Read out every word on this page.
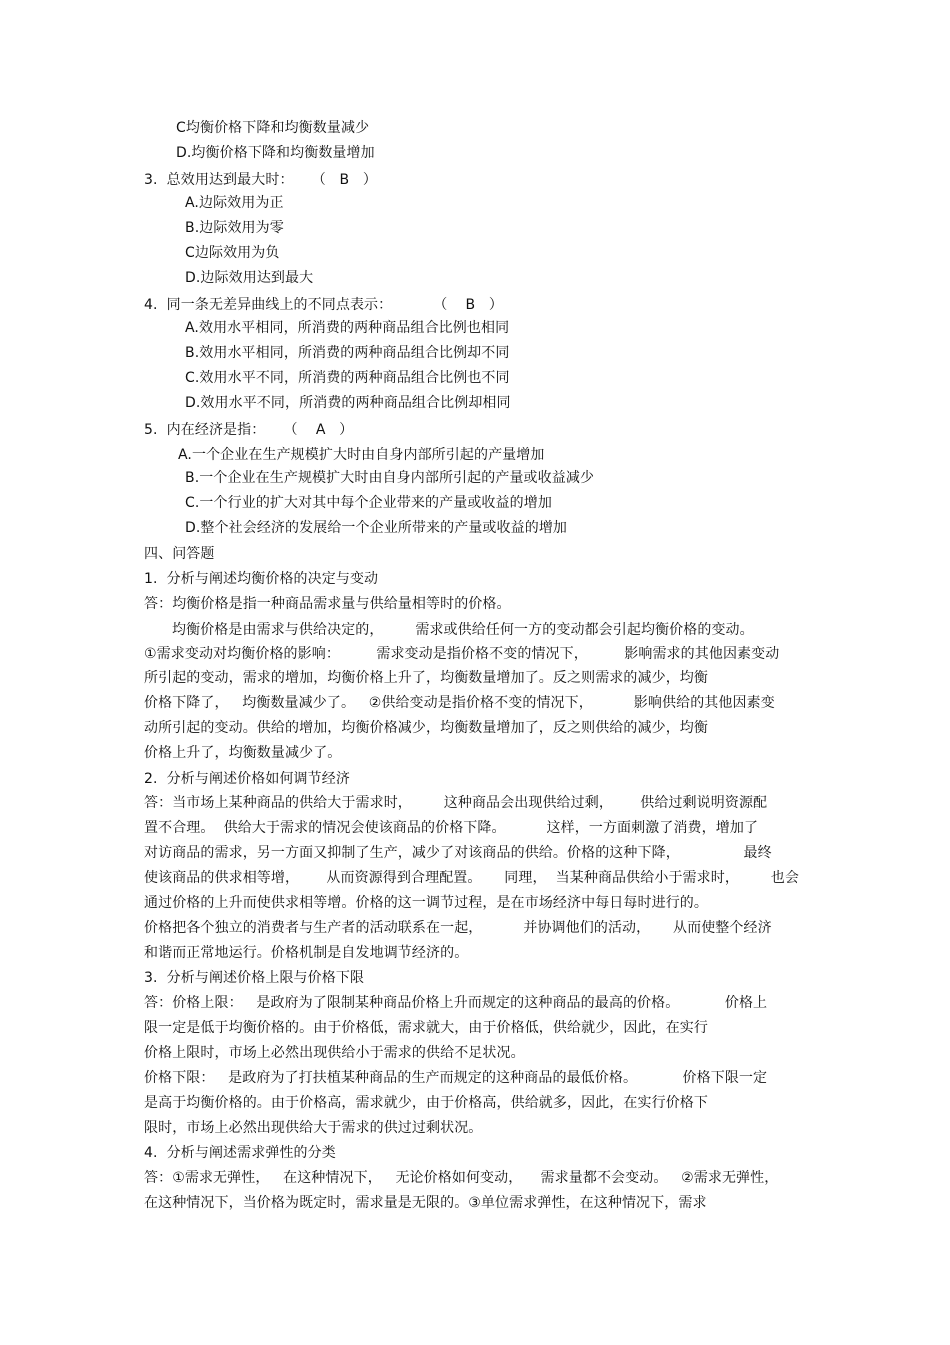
C均衡价格下降和均衡数量减少
D.均衡价格下降和均衡数量增加
3.  总效用达到最大时：    （   B   ）
A.边际效用为正
B.边际效用为零
C边际效用为负
D.边际效用达到最大
4.  同一条无差异曲线上的不同点表示：         （    B   ）
A.效用水平相同，所消费的两种商品组合比例也相同
B.效用水平相同，所消费的两种商品组合比例却不同
C.效用水平不同，所消费的两种商品组合比例也不同
D.效用水平不同，所消费的两种商品组合比例却相同
5.  内在经济是指：    （    A   ）
A.一个企业在生产规模扩大时由自身内部所引起的产量增加
B.一个企业在生产规模扩大时由自身内部所引起的产量或收益减少
C.一个行业的扩大对其中每个企业带来的产量或收益的增加
D.整个社会经济的发展给一个企业所带来的产量或收益的增加
四、问答题
1.  分析与阐述均衡价格的决定与变动
答：均衡价格是指一种商品需求量与供给量相等时的价格。
均衡价格是由需求与供给决定的，       需求或供给任何一方的变动都会引起均衡价格的变动。
①需求变动对均衡价格的影响：        需求变动是指价格不变的情况下，        影响需求的其他因素变动
所引起的变动，需求的增加，均衡价格上升了，均衡数量增加了。反之则需求的减少，均衡
价格下降了，   均衡数量减少了。   ②供给变动是指价格不变的情况下，         影响供给的其他因素变
动所引起的变动。供给的增加，均衡价格减少，均衡数量增加了，反之则供给的减少，均衡
价格上升了，均衡数量减少了。
2.  分析与阐述价格如何调节经济
答：当市场上某种商品的供给大于需求时，       这种商品会出现供给过剩，      供给过剩说明资源配
置不合理。  供给大于需求的情况会使该商品的价格下降。         这样，一方面刺激了消费，增加了
对访商品的需求，另一方面又抑制了生产，减少了对该商品的供给。价格的这种下降，              最终
使该商品的供求相等增，      从而资源得到合理配置。     同理，  当某种商品供给小于需求时，       也会
通过价格的上升而使供求相等增。价格的这一调节过程，是在市场经济中每日每时进行的。
价格把各个独立的消费者与生产者的活动联系在一起，         并协调他们的活动，     从而使整个经济
和谐而正常地运行。价格机制是自发地调节经济的。
3.  分析与阐述价格上限与价格下限
答：价格上限：   是政府为了限制某种商品价格上升而规定的这种商品的最高的价格。          价格上
限一定是低于均衡价格的。由于价格低，需求就大，由于价格低，供给就少，因此，在实行
价格上限时，市场上必然出现供给小于需求的供给不足状况。
价格下限：   是政府为了打扶植某种商品的生产而规定的这种商品的最低价格。          价格下限一定
是高于均衡价格的。由于价格高，需求就少，由于价格高，供给就多，因此，在实行价格下
限时，市场上必然出现供给大于需求的供过过剩状况。
4.  分析与阐述需求弹性的分类
答：①需求无弹性，   在这种情况下，   无论价格如何变动，    需求量都不会变动。   ②需求无弹性，
在这种情况下，当价格为既定时，需求量是无限的。③单位需求弹性，在这种情况下，需求
